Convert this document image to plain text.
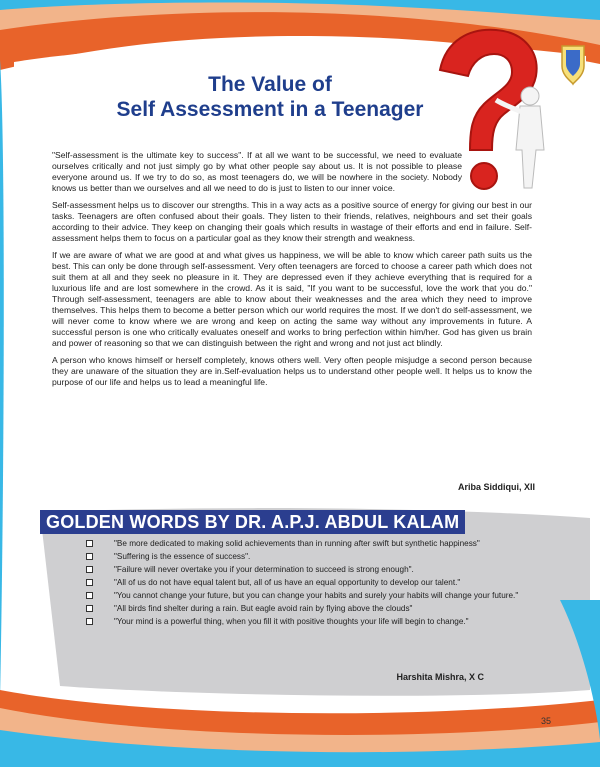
The Value of
Self Assessment in a Teenager

"Self-assessment is the ultimate key to success". If at all we want to be successful, we need to evaluate ourselves critically and not just simply go by what other people say about us. It is not possible to please everyone around us. If we try to do so, as most teenagers do, we will be nowhere in the society. Nobody knows us better than we ourselves and all we need to do is just to listen to our inner voice.

Self-assessment helps us to discover our strengths. This in a way acts as a positive source of energy for giving our best in our tasks. Teenagers are often confused about their goals. They listen to their friends, relatives, neighbours and set their goals according to their advice. They keep on changing their goals which results in wastage of their efforts and end in failure. Self-assessment helps them to focus on a particular goal as they know their strength and weakness.

If we are aware of what we are good at and what gives us happiness, we will be able to know which career path suits us the best. This can only be done through self-assessment. Very often teenagers are forced to choose a career path which does not suit them at all and they seek no pleasure in it. They are depressed even if they achieve everything that is required for a luxurious life and are lost somewhere in the crowd. As it is said, "If you want to be successful, love the work that you do." Through self-assessment, teenagers are able to know about their weaknesses and the area which they need to improve themselves. This helps them to become a better person which our world requires the most. If we don't do self-assessment, we will never come to know where we are wrong and keep on acting the same way without any improvements in future. A successful person is one who critically evaluates oneself and works to bring perfection within him/her. God has given us brain and power of reasoning so that we can distinguish between the right and wrong and not just act blindly.

A person who knows himself or herself completely, knows others well. Very often people misjudge a second person because they are unaware of the situation they are in.Self-evaluation helps us to understand other people well. It helps us to know the purpose of our life and helps us to lead a meaningful life.

Ariba Siddiqui, XII
GOLDEN WORDS BY DR. A.P.J. ABDUL KALAM
"Be more dedicated to making solid achievements than in running after swift but synthetic happiness"
"Suffering is the essence of success".
"Failure will never overtake you if your determination to succeed is strong enough".
"All of us do not have equal talent but, all of us have an equal opportunity to develop our talent."
"You cannot change your future, but you can change your habits and surely your habits will change your future."
"All birds find shelter during a rain. But eagle avoid rain by flying above the clouds"
"Your mind is a powerful thing, when you fill it with positive thoughts your life will begin to change."
Harshita Mishra, X C
35
